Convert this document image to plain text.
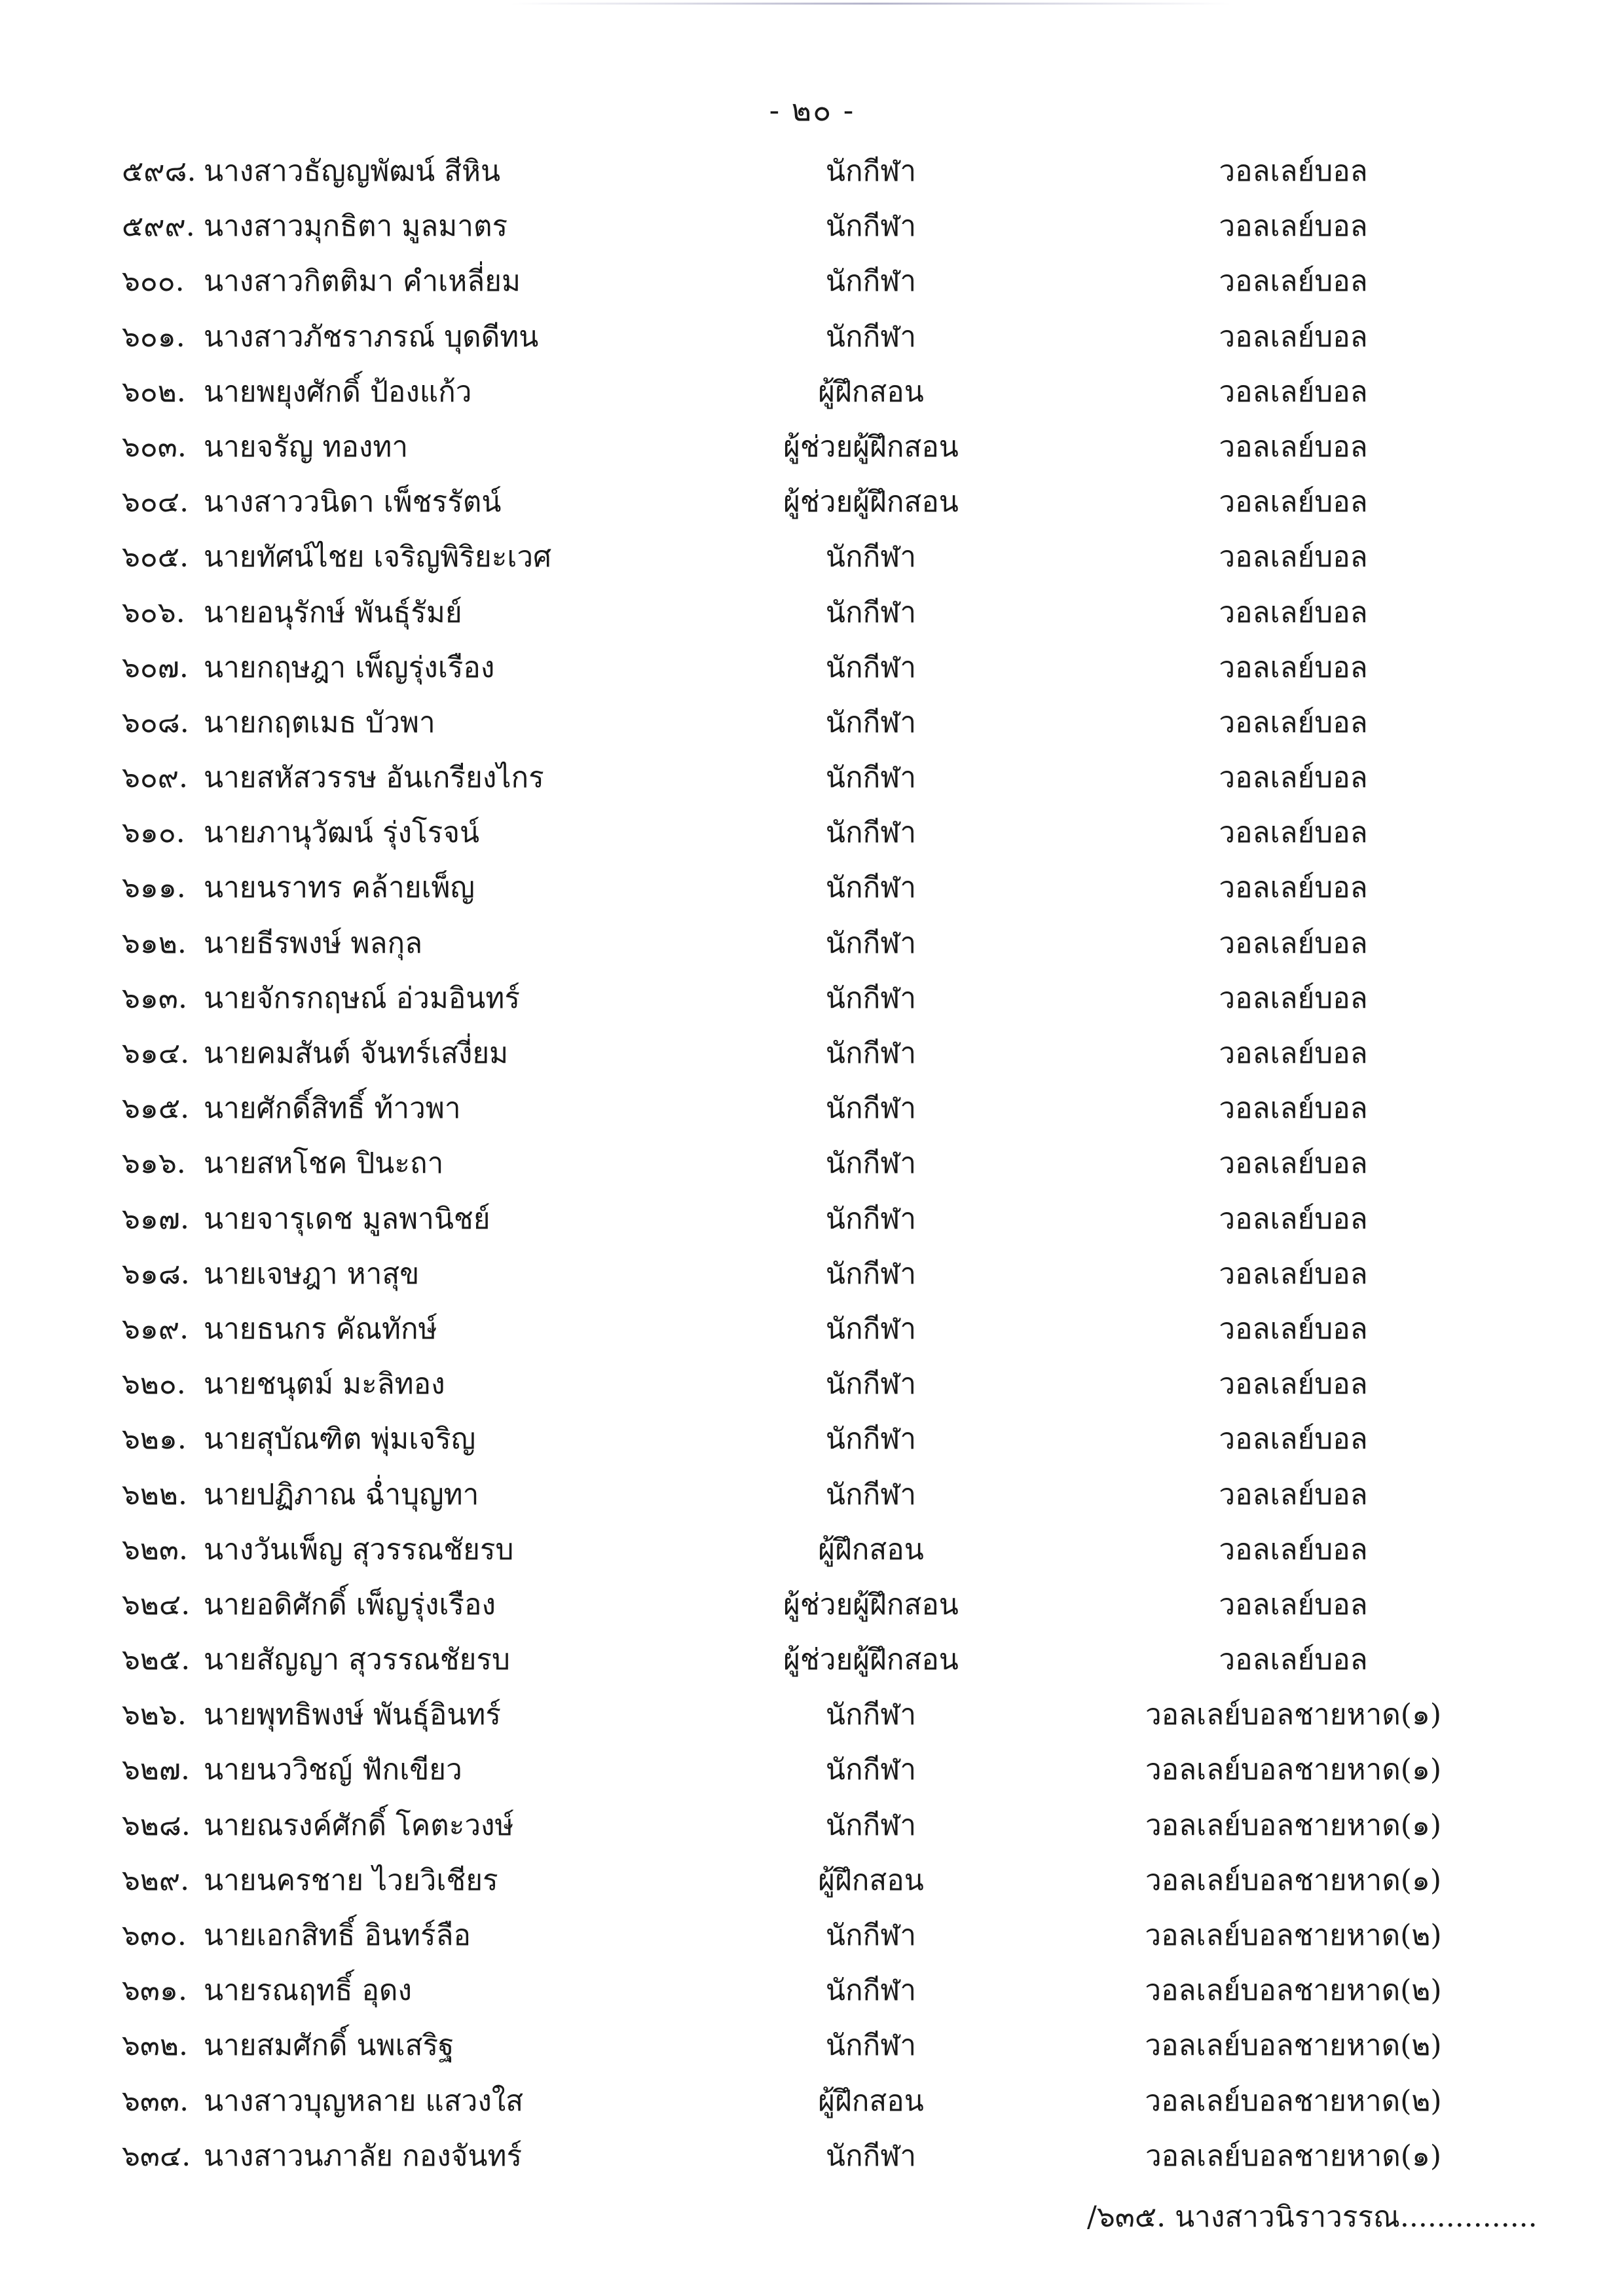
- ๒๐ -
๕๙๘. นางสาวธัญญพัฒน์ สีหิน	นักกีฬา	วอลเลย์บอล
๕๙๙. นางสาวมุกธิตา มูลมาตร	นักกีฬา	วอลเลย์บอล
๖๐๐. นางสาวกิตติมา คำเหลี่ยม	นักกีฬา	วอลเลย์บอล
๖๐๑. นางสาวภัชราภรณ์ บุดดีทน	นักกีฬา	วอลเลย์บอล
๖๐๒. นายพยุงศักดิ์ ป้องแก้ว	ผู้ฝึกสอน	วอลเลย์บอล
๖๐๓. นายจรัญ ทองทา	ผู้ช่วยผู้ฝึกสอน	วอลเลย์บอล
๖๐๔. นางสาววนิดา เพ็ชรรัตน์	ผู้ช่วยผู้ฝึกสอน	วอลเลย์บอล
๖๐๕. นายทัศน์ไชย เจริญพิริยะเวศ	นักกีฬา	วอลเลย์บอล
๖๐๖. นายอนุรักษ์ พันธุ์รัมย์	นักกีฬา	วอลเลย์บอล
๖๐๗. นายกฤษฎา เพ็ญรุ่งเรือง	นักกีฬา	วอลเลย์บอล
๖๐๘. นายกฤตเมธ บัวพา	นักกีฬา	วอลเลย์บอล
๖๐๙. นายสหัสวรรษ อันเกรียงไกร	นักกีฬา	วอลเลย์บอล
๖๑๐. นายภานุวัฒน์ รุ่งโรจน์	นักกีฬา	วอลเลย์บอล
๖๑๑. นายนราทร คล้ายเพ็ญ	นักกีฬา	วอลเลย์บอล
๖๑๒. นายธีรพงษ์ พลกุล	นักกีฬา	วอลเลย์บอล
๖๑๓. นายจักรกฤษณ์ อ่วมอินทร์	นักกีฬา	วอลเลย์บอล
๖๑๔. นายคมสันต์ จันทร์เสงี่ยม	นักกีฬา	วอลเลย์บอล
๖๑๕. นายศักดิ์สิทธิ์ ท้าวพา	นักกีฬา	วอลเลย์บอล
๖๑๖. นายสหโชค ปินะถา	นักกีฬา	วอลเลย์บอล
๖๑๗. นายจารุเดช มูลพานิชย์	นักกีฬา	วอลเลย์บอล
๖๑๘. นายเจษฎา หาสุข	นักกีฬา	วอลเลย์บอล
๖๑๙. นายธนกร คัณทักษ์	นักกีฬา	วอลเลย์บอล
๖๒๐. นายชนุตม์ มะลิทอง	นักกีฬา	วอลเลย์บอล
๖๒๑. นายสุบัณฑิต พุ่มเจริญ	นักกีฬา	วอลเลย์บอล
๖๒๒. นายปฏิภาณ ฉ่ำบุญทา	นักกีฬา	วอลเลย์บอล
๖๒๓. นางวันเพ็ญ สุวรรณชัยรบ	ผู้ฝึกสอน	วอลเลย์บอล
๖๒๔. นายอดิศักดิ์ เพ็ญรุ่งเรือง	ผู้ช่วยผู้ฝึกสอน	วอลเลย์บอล
๖๒๕. นายสัญญา สุวรรณชัยรบ	ผู้ช่วยผู้ฝึกสอน	วอลเลย์บอล
๖๒๖. นายพุทธิพงษ์ พันธุ์อินทร์	นักกีฬา	วอลเลย์บอลชายหาด(๑)
๖๒๗. นายนววิชญ์ ฟักเขียว	นักกีฬา	วอลเลย์บอลชายหาด(๑)
๖๒๘. นายณรงค์ศักดิ์ โคตะวงษ์	นักกีฬา	วอลเลย์บอลชายหาด(๑)
๖๒๙. นายนครชาย ไวยวิเชียร	ผู้ฝึกสอน	วอลเลย์บอลชายหาด(๑)
๖๓๐. นายเอกสิทธิ์ อินทร์ลือ	นักกีฬา	วอลเลย์บอลชายหาด(๒)
๖๓๑. นายรณฤทธิ์ อุดง	นักกีฬา	วอลเลย์บอลชายหาด(๒)
๖๓๒. นายสมศักดิ์ นพเสริฐ	นักกีฬา	วอลเลย์บอลชายหาด(๒)
๖๓๓. นางสาวบุญหลาย แสวงใส	ผู้ฝึกสอน	วอลเลย์บอลชายหาด(๒)
๖๓๔. นางสาวนภาลัย กองจันทร์	นักกีฬา	วอลเลย์บอลชายหาด(๑)
/๖๓๕. นางสาวนิราวรรณ...............
